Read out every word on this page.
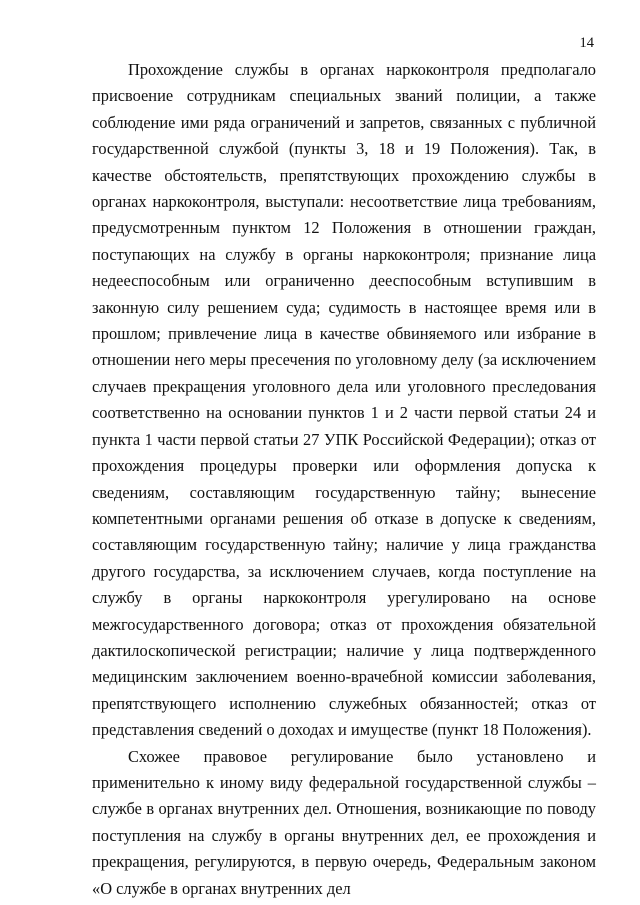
14

Прохождение службы в органах наркоконтроля предполагало присвоение сотрудникам специальных званий полиции, а также соблюдение ими ряда ограничений и запретов, связанных с публичной государственной службой (пункты 3, 18 и 19 Положения). Так, в качестве обстоятельств, препятствующих прохождению службы в органах наркоконтроля, выступали: несоответствие лица требованиям, предусмотренным пунктом 12 Положения в отношении граждан, поступающих на службу в органы наркоконтроля; признание лица недееспособным или ограниченно дееспособным вступившим в законную силу решением суда; судимость в настоящее время или в прошлом; привлечение лица в качестве обвиняемого или избрание в отношении него меры пресечения по уголовному делу (за исключением случаев прекращения уголовного дела или уголовного преследования соответственно на основании пунктов 1 и 2 части первой статьи 24 и пункта 1 части первой статьи 27 УПК Российской Федерации); отказ от прохождения процедуры проверки или оформления допуска к сведениям, составляющим государственную тайну; вынесение компетентными органами решения об отказе в допуске к сведениям, составляющим государственную тайну; наличие у лица гражданства другого государства, за исключением случаев, когда поступление на службу в органы наркоконтроля урегулировано на основе межгосударственного договора; отказ от прохождения обязательной дактилоскопической регистрации; наличие у лица подтвержденного медицинским заключением военно-врачебной комиссии заболевания, препятствующего исполнению служебных обязанностей; отказ от представления сведений о доходах и имуществе (пункт 18 Положения).

Схожее правовое регулирование было установлено и применительно к иному виду федеральной государственной службы – службе в органах внутренних дел. Отношения, возникающие по поводу поступления на службу в органы внутренних дел, ее прохождения и прекращения, регулируются, в первую очередь, Федеральным законом «О службе в органах внутренних дел
